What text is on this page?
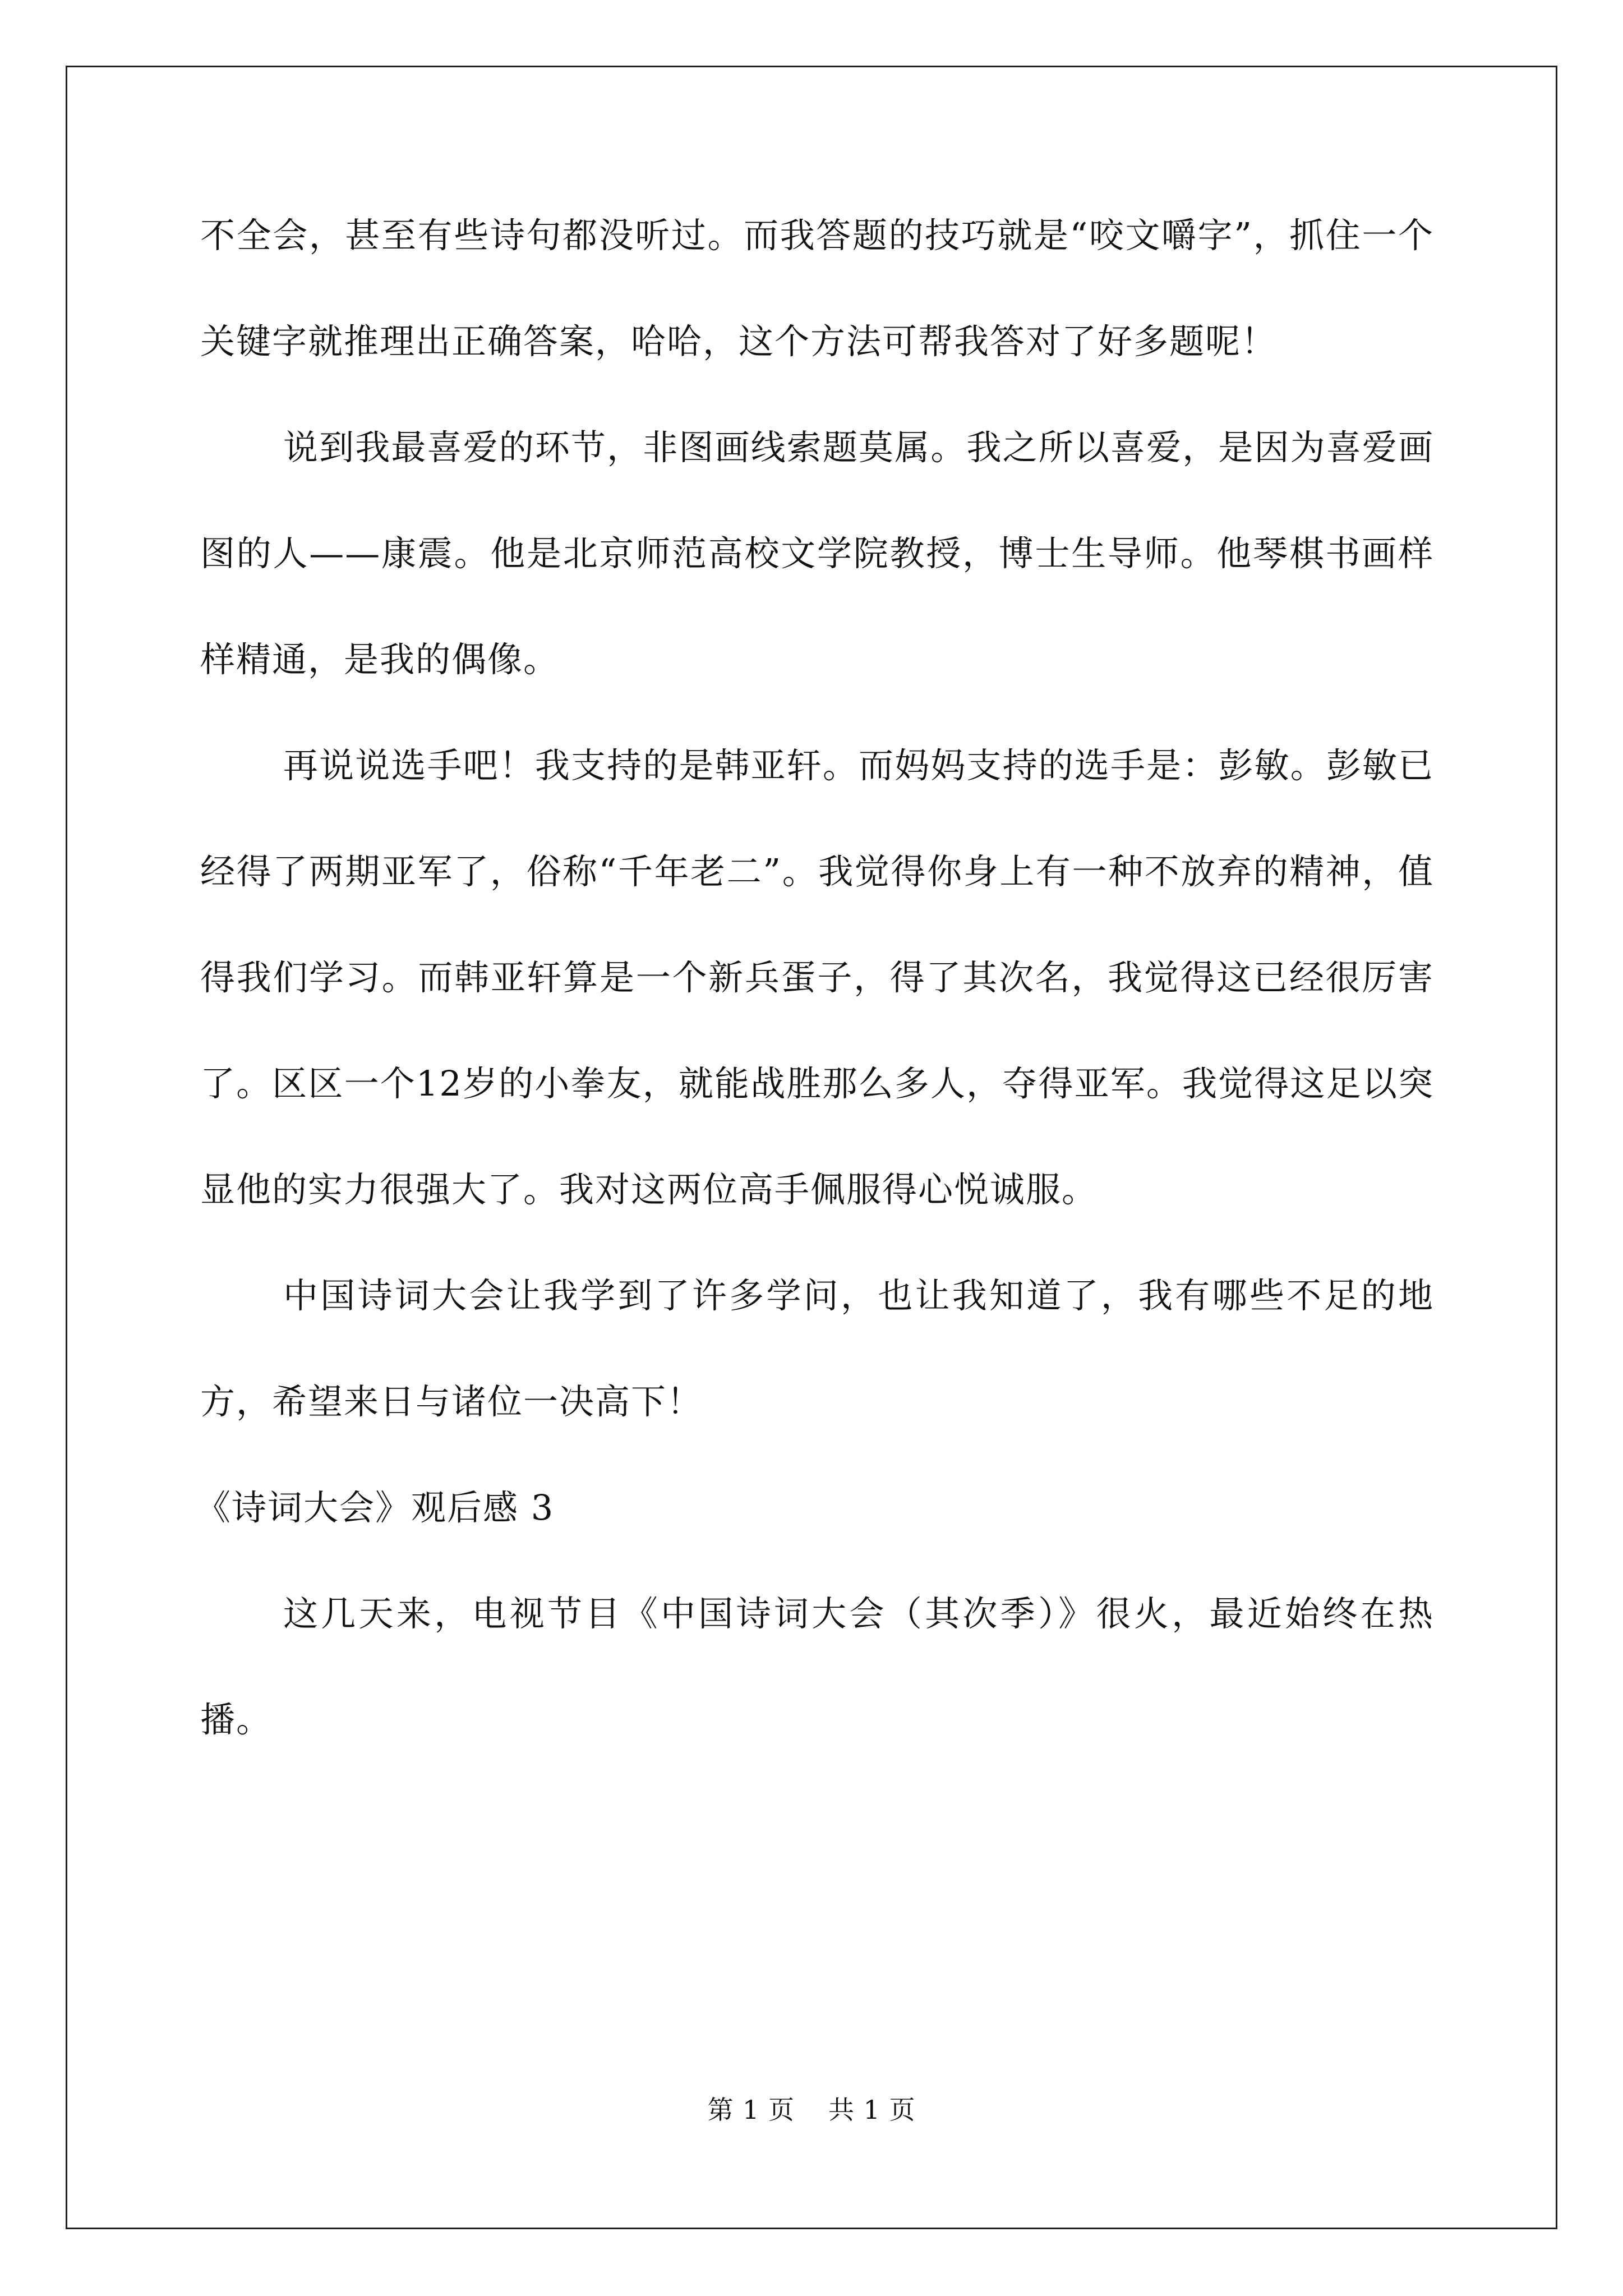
不全会，甚至有些诗句都没听过。而我答题的技巧就是“咬文嚼字”，抓住一个关键字就推理出正确答案，哈哈，这个方法可帮我答对了好多题呢！

说到我最喜爱的环节，非图画线索题莫属。我之所以喜爱，是因为喜爱画图的人——康震。他是北京师范高校文学院教授，博士生导师。他琴棋书画样样精通，是我的偶像。

再说说选手吧！我支持的是韩亚轩。而妈妈支持的选手是：彭敏。彭敏已经得了两期亚军了，俗称“千年老二”。我觉得你身上有一种不放弃的精神，值得我们学习。而韩亚轩算是一个新兵蛋子，得了其次名，我觉得这已经很厉害了。区区一个12岁的小拳友，就能战胜那么多人，夺得亚军。我觉得这足以突显他的实力很强大了。我对这两位高手佩服得心悦诚服。

中国诗词大会让我学到了许多学问，也让我知道了，我有哪些不足的地方，希望来日与诸位一决高下！

《诗词大会》观后感 3

这几天来，电视节目《中国诗词大会（其次季）》很火，最近始终在热播。

第 1 页 共 1 页
